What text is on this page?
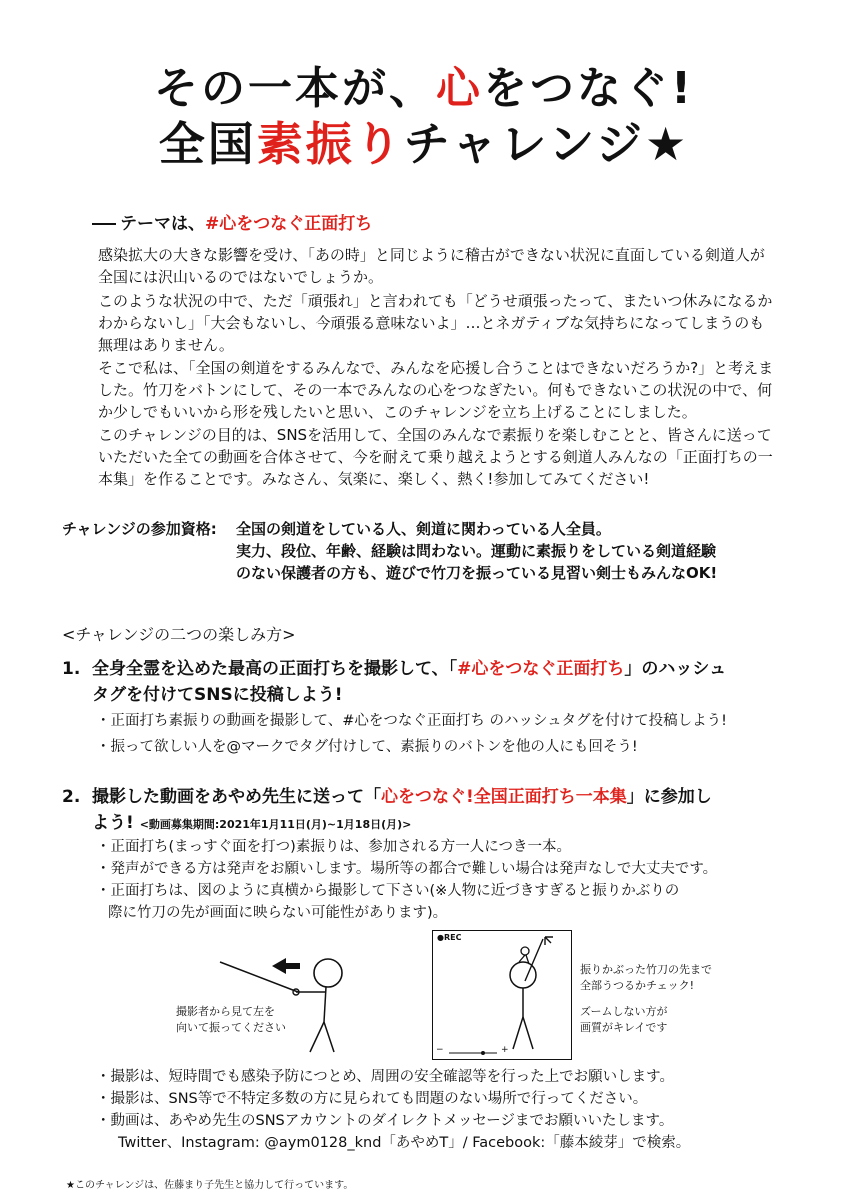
その一本が、心をつなぐ!
全国素振りチャレンジ★
テーマは、#心をつなぐ正面打ち
感染拡大の大きな影響を受け、「あの時」と同じように稽古ができない状況に直面している剣道人が全国には沢山いるのではないでしょうか。
このような状況の中で、ただ「頑張れ」と言われても「どうせ頑張ったって、またいつ休みになるかわからないし」「大会もないし、今頑張る意味ないよ」…とネガティブな気持ちになってしまうのも無理はありません。
そこで私は、「全国の剣道をするみんなで、みんなを応援し合うことはできないだろうか?」と考えました。竹刀をバトンにして、その一本でみんなの心をつなぎたい。何もできないこの状況の中で、何か少しでもいいから形を残したいと思い、このチャレンジを立ち上げることにしました。
このチャレンジの目的は、SNSを活用して、全国のみんなで素振りを楽しむことと、皆さんに送っていただいた全ての動画を合体させて、今を耐えて乗り越えようとする剣道人みんなの「正面打ちの一本集」を作ることです。みなさん、気楽に、楽しく、熱く!参加してみてください!
チャレンジの参加資格: 全国の剣道をしている人、剣道に関わっている人全員。
実力、段位、年齢、経験は問わない。運動に素振りをしている剣道経験
のない保護者の方も、遊びで竹刀を振っている見習い剣士もみんなOK!
<チャレンジの二つの楽しみ方>
1. 全身全霊を込めた最高の正面打ちを撮影して、「#心をつなぐ正面打ち」のハッシュ
タグを付けてSNSに投稿しよう!
・正面打ち素振りの動画を撮影して、#心をつなぐ正面打ち のハッシュタグを付けて投稿しよう!
・振って欲しい人を@マークでタグ付けして、素振りのバトンを他の人にも回そう!
2. 撮影した動画をあやめ先生に送って「心をつなぐ!全国正面打ち一本集」に参加し
よう! <動画募集期間:2021年1月11日(月)~1月18日(月)>
・正面打ち(まっすぐ面を打つ)素振りは、参加される方一人につき一本。
・発声ができる方は発声をお願いします。場所等の都合で難しい場合は発声なしで大丈夫です。
・正面打ちは、図のように真横から撮影して下さい(※人物に近づきすぎると振りかぶりの
際に竹刀の先が画面に映らない可能性があります)。
撮影者から見て左を
向いて振ってください
●REC
−	+
振りかぶった竹刀の先まで
全部うつるかチェック!
ズームしない方が
画質がキレイです
・撮影は、短時間でも感染予防につとめ、周囲の安全確認等を行った上でお願いします。
・撮影は、SNS等で不特定多数の方に見られても問題のない場所で行ってください。
・動画は、あやめ先生のSNSアカウントのダイレクトメッセージまでお願いいたします。
Twitter、Instagram: @aym0128_knd「あやめT」/ Facebook:「藤本綾芽」で検索。
★このチャレンジは、佐藤まり子先生と協力して行っています。
